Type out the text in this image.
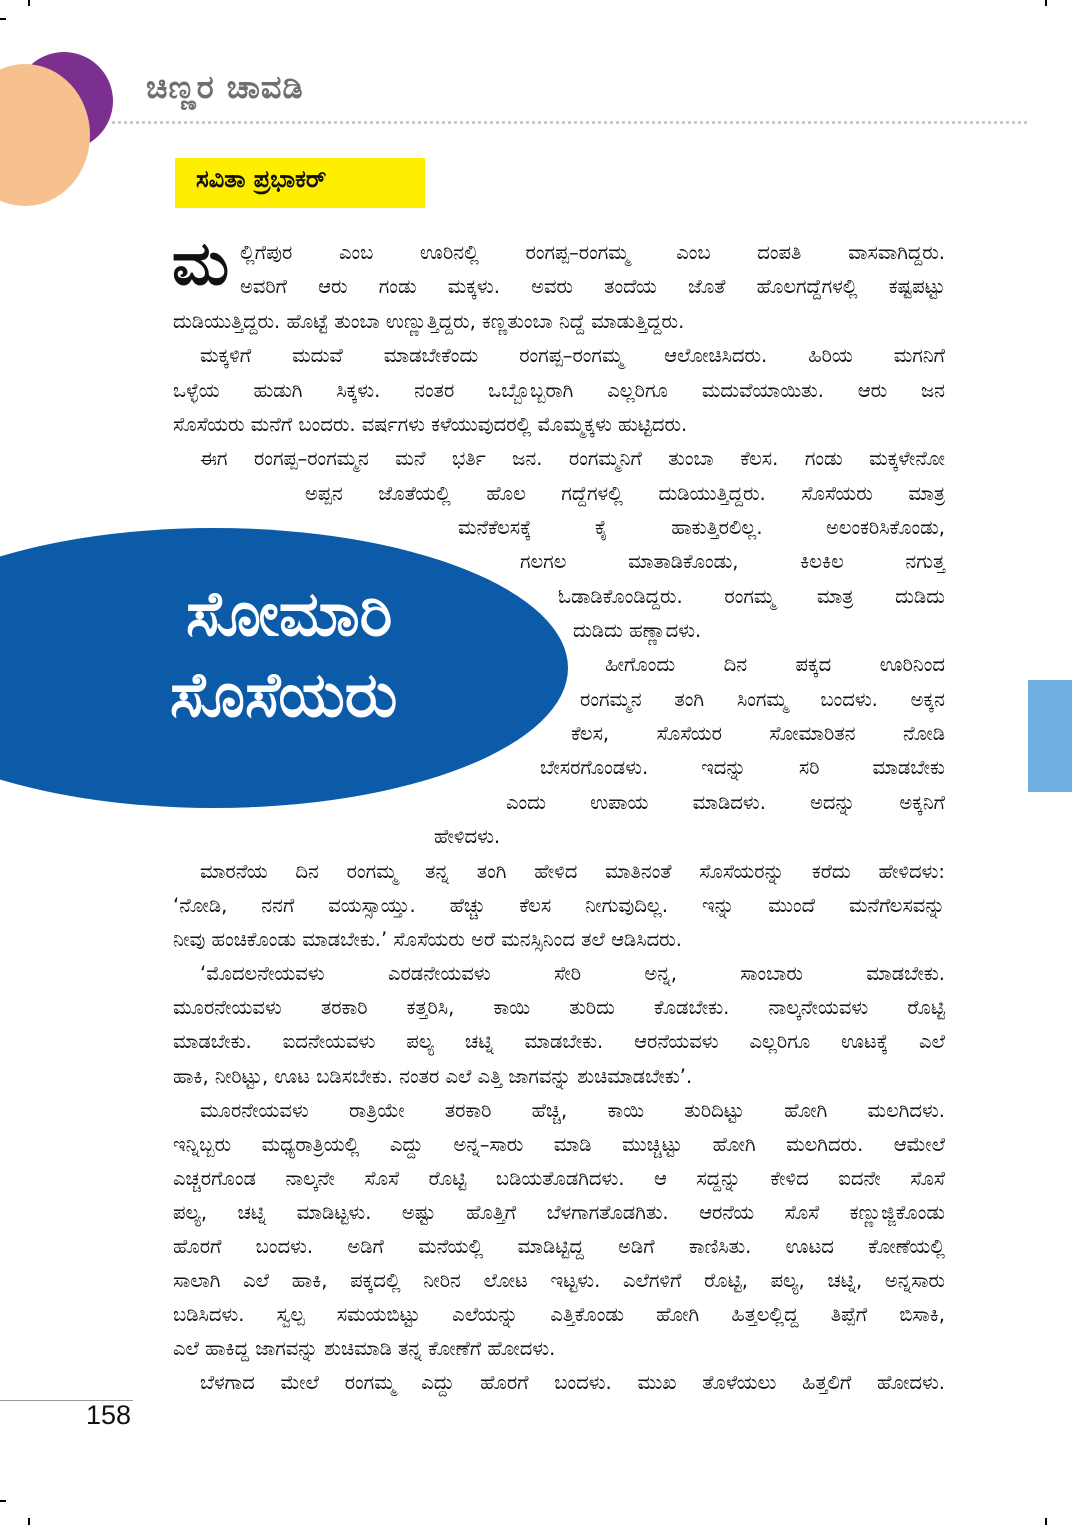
ಚಿಣ್ಣರ ಚಾವಡಿ
ಸವಿತಾ ಪ್ರಭಾಕರ್
ಮ ಲ್ಲಿಗೆಪುರ ಎಂಬ ಊರಿನಲ್ಲಿ ರಂಗಪ್ಪ–ರಂಗಮ್ಮ ಎಂಬ ದಂಪತಿ ವಾಸವಾಗಿದ್ದರು.
ಅವರಿಗೆ ಆರು ಗಂಡು ಮಕ್ಕಳು. ಅವರು ತಂದೆಯ ಜೊತೆ ಹೊಲಗದ್ದೆಗಳಲ್ಲಿ ಕಷ್ಟಪಟ್ಟು
ದುಡಿಯುತ್ತಿದ್ದರು. ಹೊಟ್ಟೆ ತುಂಬಾ ಉಣ್ಣುತ್ತಿದ್ದರು, ಕಣ್ಣತುಂಬಾ ನಿದ್ದೆ ಮಾಡುತ್ತಿದ್ದರು.
ಮಕ್ಕಳಿಗೆ ಮದುವೆ ಮಾಡಬೇಕೆಂದು ರಂಗಪ್ಪ–ರಂಗಮ್ಮ ಆಲೋಚಿಸಿದರು. ಹಿರಿಯ ಮಗನಿಗೆ
ಒಳ್ಳೆಯ ಹುಡುಗಿ ಸಿಕ್ಕಳು. ನಂತರ ಒಬ್ಬೊಬ್ಬರಾಗಿ ಎಲ್ಲರಿಗೂ ಮದುವೆಯಾಯಿತು. ಆರು ಜನ
ಸೊಸೆಯರು ಮನೆಗೆ ಬಂದರು. ವರ್ಷಗಳು ಕಳೆಯುವುದರಲ್ಲಿ ಮೊಮ್ಮಕ್ಕಳು ಹುಟ್ಟಿದರು.
ಈಗ ರಂಗಪ್ಪ–ರಂಗಮ್ಮನ ಮನೆ ಭರ್ತಿ ಜನ. ರಂಗಮ್ಮನಿಗೆ ತುಂಬಾ ಕೆಲಸ. ಗಂಡು ಮಕ್ಕಳೇನೋ
ಅಪ್ಪನ ಜೊತೆಯಲ್ಲಿ ಹೊಲ ಗದ್ದೆಗಳಲ್ಲಿ ದುಡಿಯುತ್ತಿದ್ದರು. ಸೊಸೆಯರು ಮಾತ್ರ
ಸೋಮಾರಿ
ಸೊಸೆಯರು
ಮನೆಕೆಲಸಕ್ಕೆ ಕೈ ಹಾಕುತ್ತಿರಲಿಲ್ಲ. ಅಲಂಕರಿಸಿಕೊಂಡು,
ಗಲಗಲ ಮಾತಾಡಿಕೊಂಡು, ಕಿಲಕಿಲ ನಗುತ್ತ
ಓಡಾಡಿಕೊಂಡಿದ್ದರು. ರಂಗಮ್ಮ ಮಾತ್ರ ದುಡಿದು
ದುಡಿದು ಹಣ್ಣಾದಳು.
ಹೀಗೊಂದು ದಿನ ಪಕ್ಕದ ಊರಿನಿಂದ
ರಂಗಮ್ಮನ ತಂಗಿ ಸಿಂಗಮ್ಮ ಬಂದಳು. ಅಕ್ಕನ
ಕೆಲಸ, ಸೊಸೆಯರ ಸೋಮಾರಿತನ ನೋಡಿ
ಬೇಸರಗೊಂಡಳು. ಇದನ್ನು ಸರಿ ಮಾಡಬೇಕು
ಎಂದು ಉಪಾಯ ಮಾಡಿದಳು. ಅದನ್ನು ಅಕ್ಕನಿಗೆ
ಹೇಳಿದಳು.
ಮಾರನೆಯ ದಿನ ರಂಗಮ್ಮ ತನ್ನ ತಂಗಿ ಹೇಳಿದ ಮಾತಿನಂತೆ ಸೊಸೆಯರನ್ನು ಕರೆದು ಹೇಳಿದಳು:
‘ನೋಡಿ, ನನಗೆ ವಯಸ್ಸಾಯ್ತು. ಹೆಚ್ಚು ಕೆಲಸ ನೀಗುವುದಿಲ್ಲ. ಇನ್ನು ಮುಂದೆ ಮನೆಗೆಲಸವನ್ನು
ನೀವು ಹಂಚಿಕೊಂಡು ಮಾಡಬೇಕು.’ ಸೊಸೆಯರು ಅರೆ ಮನಸ್ಸಿನಿಂದ ತಲೆ ಆಡಿಸಿದರು.
‘ಮೊದಲನೇಯವಳು ಎರಡನೇಯವಳು ಸೇರಿ ಅನ್ನ, ಸಾಂಬಾರು ಮಾಡಬೇಕು.
ಮೂರನೇಯವಳು ತರಕಾರಿ ಕತ್ತರಿಸಿ, ಕಾಯಿ ತುರಿದು ಕೊಡಬೇಕು. ನಾಲ್ಕನೇಯವಳು ರೊಟ್ಟಿ
ಮಾಡಬೇಕು. ಐದನೇಯವಳು ಪಲ್ಯ ಚಟ್ನಿ ಮಾಡಬೇಕು. ಆರನೆಯವಳು ಎಲ್ಲರಿಗೂ ಊಟಕ್ಕೆ ಎಲೆ
ಹಾಕಿ, ನೀರಿಟ್ಟು, ಊಟ ಬಡಿಸಬೇಕು. ನಂತರ ಎಲೆ ಎತ್ತಿ ಜಾಗವನ್ನು ಶುಚಿಮಾಡಬೇಕು’.
ಮೂರನೇಯವಳು ರಾತ್ರಿಯೇ ತರಕಾರಿ ಹೆಚ್ಚಿ, ಕಾಯಿ ತುರಿದಿಟ್ಟು ಹೋಗಿ ಮಲಗಿದಳು.
ಇನ್ನಿಬ್ಬರು ಮಧ್ಯರಾತ್ರಿಯಲ್ಲಿ ಎದ್ದು ಅನ್ನ–ಸಾರು ಮಾಡಿ ಮುಚ್ಚಿಟ್ಟು ಹೋಗಿ ಮಲಗಿದರು. ಆಮೇಲೆ
ಎಚ್ಚರಗೊಂಡ ನಾಲ್ಕನೇ ಸೊಸೆ ರೊಟ್ಟಿ ಬಡಿಯತೊಡಗಿದಳು. ಆ ಸದ್ದನ್ನು ಕೇಳಿದ ಐದನೇ ಸೊಸೆ
ಪಲ್ಯ, ಚಟ್ನಿ ಮಾಡಿಟ್ಟಳು. ಅಷ್ಟು ಹೊತ್ತಿಗೆ ಬೆಳಗಾಗತೊಡಗಿತು. ಆರನೆಯ ಸೊಸೆ ಕಣ್ಣುಜ್ಜಿಕೊಂಡು
ಹೊರಗೆ ಬಂದಳು. ಅಡಿಗೆ ಮನೆಯಲ್ಲಿ ಮಾಡಿಟ್ಟಿದ್ದ ಅಡಿಗೆ ಕಾಣಿಸಿತು. ಊಟದ ಕೋಣೆಯಲ್ಲಿ
ಸಾಲಾಗಿ ಎಲೆ ಹಾಕಿ, ಪಕ್ಕದಲ್ಲಿ ನೀರಿನ ಲೋಟ ಇಟ್ಟಳು. ಎಲೆಗಳಿಗೆ ರೊಟ್ಟಿ, ಪಲ್ಯ, ಚಟ್ನಿ, ಅನ್ನಸಾರು
ಬಡಿಸಿದಳು. ಸ್ವಲ್ಪ ಸಮಯಬಿಟ್ಟು ಎಲೆಯನ್ನು ಎತ್ತಿಕೊಂಡು ಹೋಗಿ ಹಿತ್ತಲಲ್ಲಿದ್ದ ತಿಪ್ಪೆಗೆ ಬಿಸಾಕಿ,
ಎಲೆ ಹಾಕಿದ್ದ ಜಾಗವನ್ನು ಶುಚಿಮಾಡಿ ತನ್ನ ಕೋಣೆಗೆ ಹೋದಳು.
ಬೆಳಗಾದ ಮೇಲೆ ರಂಗಮ್ಮ ಎದ್ದು ಹೊರಗೆ ಬಂದಳು. ಮುಖ ತೊಳೆಯಲು ಹಿತ್ತಲಿಗೆ ಹೋದಳು.
158
